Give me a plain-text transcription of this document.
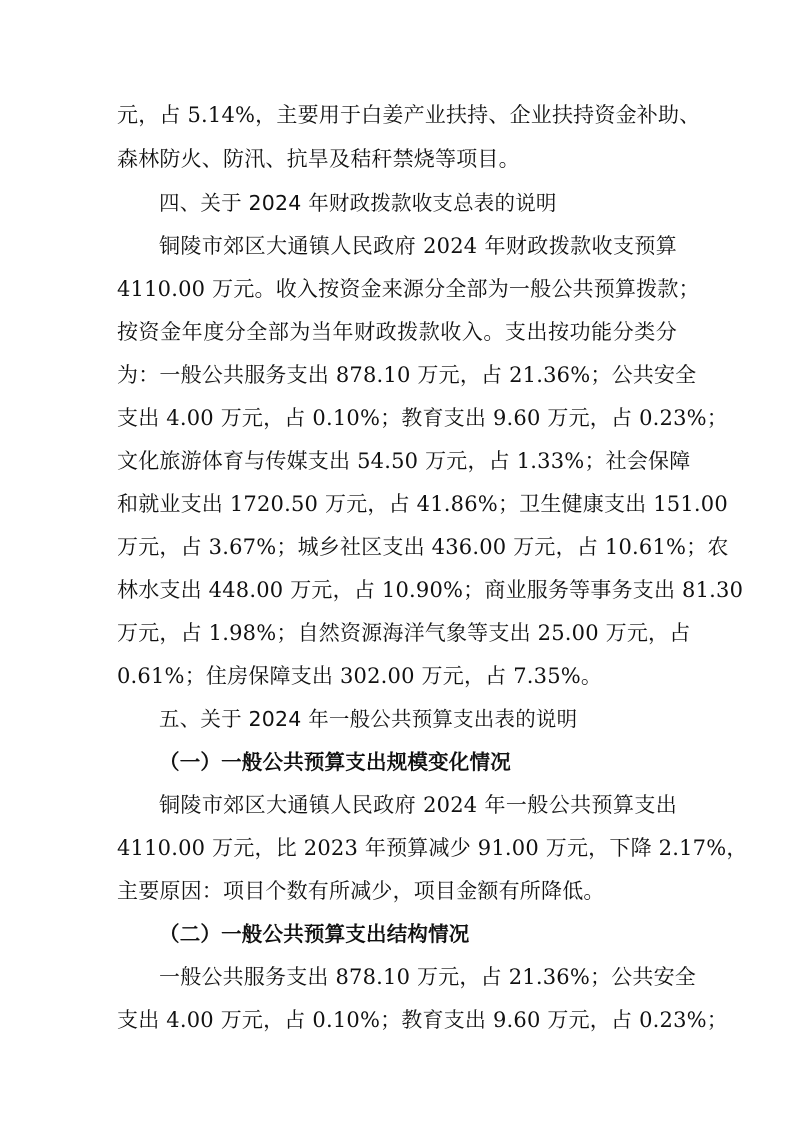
元，占 5.14%，主要用于白姜产业扶持、企业扶持资金补助、
森林防火、防汛、抗旱及秸秆禁烧等项目。
四、关于 2024 年财政拨款收支总表的说明
铜陵市郊区大通镇人民政府 2024 年财政拨款收支预算
4110.00 万元。收入按资金来源分全部为一般公共预算拨款；
按资金年度分全部为当年财政拨款收入。支出按功能分类分
为：一般公共服务支出 878.10 万元，占 21.36%；公共安全
支出 4.00 万元，占 0.10%；教育支出 9.60 万元，占 0.23%；
文化旅游体育与传媒支出 54.50 万元，占 1.33%；社会保障
和就业支出 1720.50 万元，占 41.86%；卫生健康支出 151.00
万元，占 3.67%；城乡社区支出 436.00 万元，占 10.61%；农
林水支出 448.00 万元，占 10.90%；商业服务等事务支出 81.30
万元，占 1.98%；自然资源海洋气象等支出 25.00 万元，占
0.61%；住房保障支出 302.00 万元，占 7.35%。
五、关于 2024 年一般公共预算支出表的说明
（一）一般公共预算支出规模变化情况
铜陵市郊区大通镇人民政府 2024 年一般公共预算支出
4110.00 万元，比 2023 年预算减少 91.00 万元，下降 2.17%，
主要原因：项目个数有所减少，项目金额有所降低。
（二）一般公共预算支出结构情况
一般公共服务支出 878.10 万元，占 21.36%；公共安全
支出 4.00 万元，占 0.10%；教育支出 9.60 万元，占 0.23%；
